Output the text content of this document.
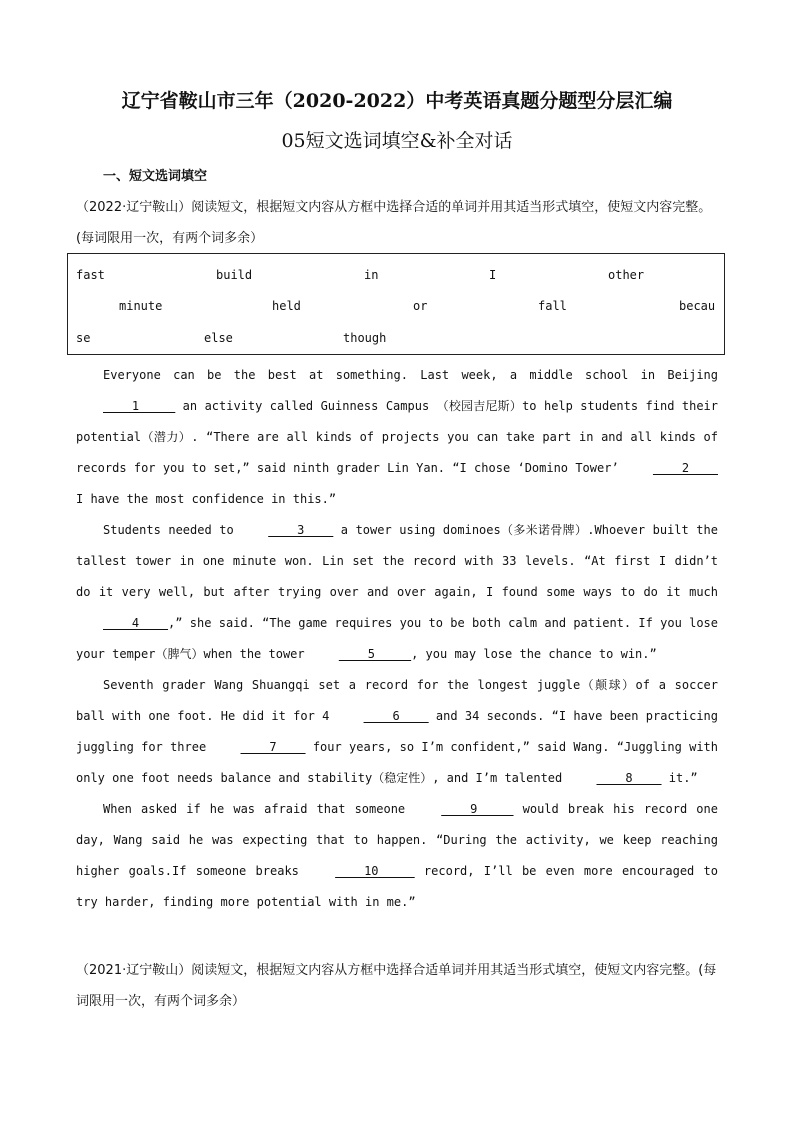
辽宁省鞍山市三年（2020-2022）中考英语真题分题型分层汇编
05短文选词填空&补全对话
一、短文选词填空
（2022·辽宁鞍山）阅读短文，根据短文内容从方框中选择合适的单词并用其适当形式填空，使短文内容完整。(每词限用一次，有两个词多余）
fast	build	in	I	other
minute	held	or	fall	becau
se	else	though

Everyone can be the best at something. Last week, a middle school in Beijing ____1_____ an activity called Guinness Campus （校园吉尼斯）to help students find their potential（潜力）. “There are all kinds of projects you can take part in and all kinds of records for you to set,” said ninth grader Lin Yan. “I chose ‘Domino Tower’ ____2____ I have the most confidence in this.”

Students needed to ____3____ a tower using dominoes（多米诺骨牌）.Whoever built the tallest tower in one minute won. Lin set the record with 33 levels. “At first I didn’t do it very well, but after trying over and over again, I found some ways to do it much ____4____,” she said. “The game requires you to be both calm and patient. If you lose your temper（脾气）when the tower ____5_____, you may lose the chance to win.”

Seventh grader Wang Shuangqi set a record for the longest juggle（颠球）of a soccer ball with one foot. He did it for 4 ____6____ and 34 seconds. “I have been practicing juggling for three ____7____ four years, so I’m confident,” said Wang. “Juggling with only one foot needs balance and stability（稳定性）, and I’m talented ____8____ it.”

When asked if he was afraid that someone ____9_____ would break his record one day, Wang said he was expecting that to happen. “During the activity, we keep reaching higher goals.If someone breaks ____10_____ record, I’ll be even more encouraged to try harder, finding more potential with in me.”

（2021·辽宁鞍山）阅读短文，根据短文内容从方框中选择合适单词并用其适当形式填空，使短文内容完整。(每词限用一次，有两个词多余）
